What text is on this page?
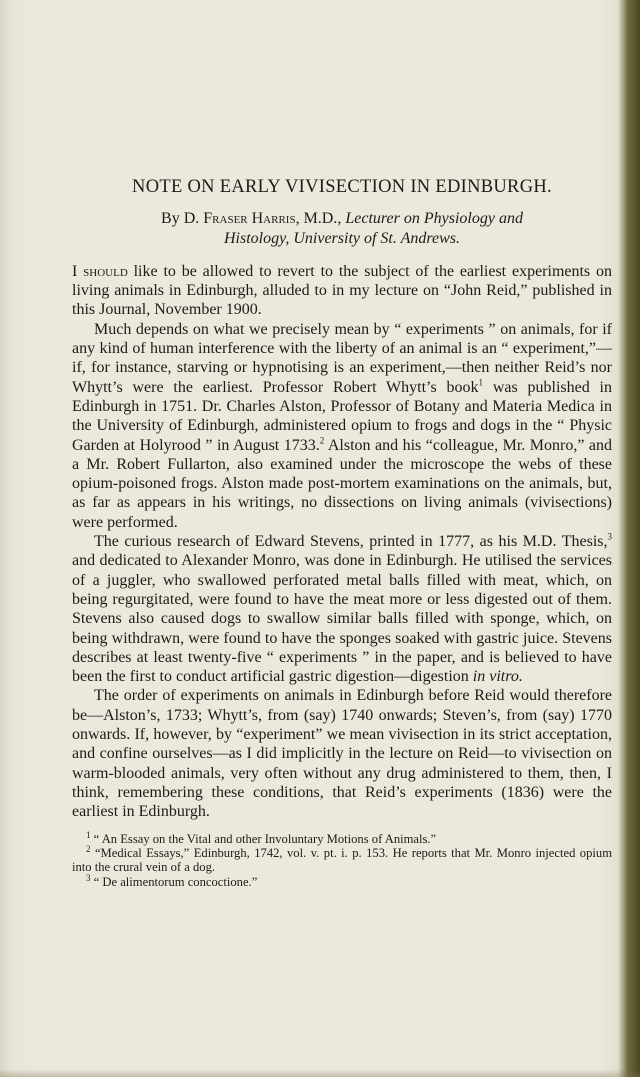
NOTE ON EARLY VIVISECTION IN EDINBURGH.
By D. Fraser Harris, M.D., Lecturer on Physiology and
Histology, University of St. Andrews.

I should like to be allowed to revert to the subject of the earliest experiments on living animals in Edinburgh, alluded to in my lecture on “John Reid,” published in this Journal, November 1900.

Much depends on what we precisely mean by “ experiments ” on animals, for if any kind of human interference with the liberty of an animal is an “ experiment,”—if, for instance, starving or hypnotising is an experiment,—then neither Reid’s nor Whytt’s were the earliest. Professor Robert Whytt’s book$^1$ was published in Edinburgh in 1751. Dr. Charles Alston, Professor of Botany and Materia Medica in the University of Edinburgh, administered opium to frogs and dogs in the “ Physic Garden at Holyrood ” in August 1733.$^2$ Alston and his “colleague, Mr. Monro,” and a Mr. Robert Fullarton, also examined under the microscope the webs of these opium-poisoned frogs. Alston made post-mortem examinations on the animals, but, as far as appears in his writings, no dissections on living animals (vivisections) were performed.

The curious research of Edward Stevens, printed in 1777, as his M.D. Thesis,$^3$ and dedicated to Alexander Monro, was done in Edinburgh. He utilised the services of a juggler, who swallowed perforated metal balls filled with meat, which, on being regurgitated, were found to have the meat more or less digested out of them. Stevens also caused dogs to swallow similar balls filled with sponge, which, on being withdrawn, were found to have the sponges soaked with gastric juice. Stevens describes at least twenty-five “ experiments ” in the paper, and is believed to have been the first to conduct artificial gastric digestion—digestion in vitro.

The order of experiments on animals in Edinburgh before Reid would therefore be—Alston’s, 1733; Whytt’s, from (say) 1740 onwards; Steven’s, from (say) 1770 onwards. If, however, by “experiment” we mean vivisection in its strict acceptation, and confine ourselves—as I did implicitly in the lecture on Reid—to vivisection on warm-blooded animals, very often without any drug administered to them, then, I think, remembering these conditions, that Reid’s experiments (1836) were the earliest in Edinburgh.

$^1$ “ An Essay on the Vital and other Involuntary Motions of Animals.”

$^2$ “Medical Essays,” Edinburgh, 1742, vol. v. pt. i. p. 153. He reports that Mr. Monro injected opium into the crural vein of a dog.

$^3$ “ De alimentorum concoctione.”
